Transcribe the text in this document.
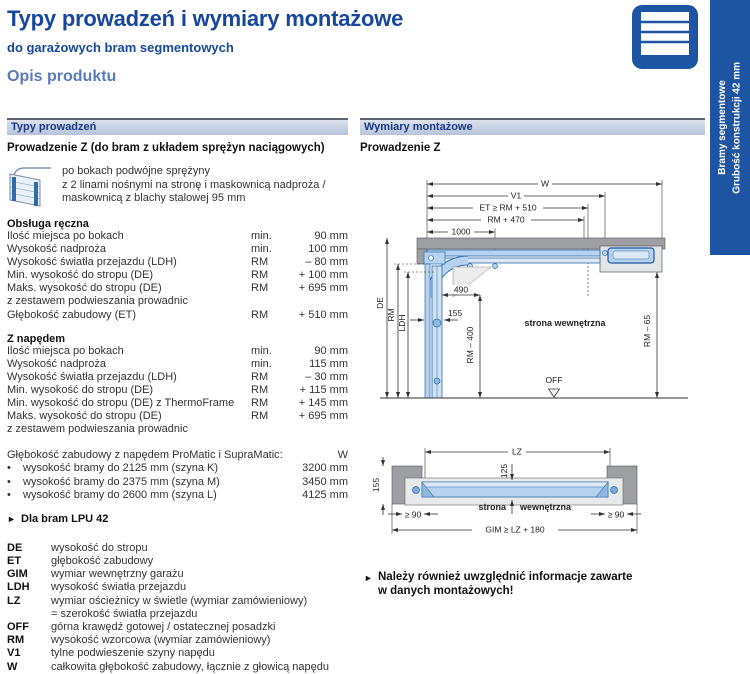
Typy prowadzeń i wymiary montażowe
do garażowych bram segmentowych
Opis produktu
Bramy segmentowe Grubość konstrukcji 42 mm
Typy prowadzeń
Prowadzenie Z (do bram z układem sprężyn naciągowych)
po bokach podwójne sprężyny
z 2 linami nośnymi na stronę i maskownicą nadproża /
maskownicą z blachy stalowej 95 mm
Obsługa ręczna
Ilość miejsca po bokach	min.	90 mm
Wysokość nadproża	min.	100 mm
Wysokość światła przejazdu (LDH)	RM	– 80 mm
Min. wysokość do stropu (DE)	RM	+ 100 mm
Maks. wysokość do stropu (DE)	RM	+ 695 mm
z zestawem podwieszania prowadnic
Głębokość zabudowy (ET)	RM	+ 510 mm
Z napędem
Ilość miejsca po bokach	min.	90 mm
Wysokość nadproża	min.	115 mm
Wysokość światła przejazdu (LDH)	RM	– 30 mm
Min. wysokość do stropu (DE)	RM	+ 115 mm
Min. wysokość do stropu (DE) z ThermoFrame	RM	+ 145 mm
Maks. wysokość do stropu (DE)	RM	+ 695 mm
z zestawem podwieszania prowadnic
Głębokość zabudowy z napędem ProMatic i SupraMatic:	W
•	wysokość bramy do 2125 mm (szyna K)	3200 mm
•	wysokość bramy do 2375 mm (szyna M)	3450 mm
•	wysokość bramy do 2600 mm (szyna L)	4125 mm
► Dla bram LPU 42
DE	wysokość do stropu
ET	głębokość zabudowy
GIM	wymiar wewnętrzny garażu
LDH	wysokość światła przejazdu
LZ	wymiar ościeżnicy w świetle (wymiar zamówieniowy)
= szerokość światła przejazdu
OFF	górna krawędź gotowej / ostatecznej posadzki
RM	wysokość wzorcowa (wymiar zamówieniowy)
V1	tylne podwieszenie szyny napędu
W	całkowita głębokość zabudowy, łącznie z głowicą napędu
Wymiary montażowe
Prowadzenie Z
W
V1
ET ≥ RM + 510
RM + 470
1000
DE
RM LDH
490
155
RM – 400	RM – 65
strona wewnętrzna
OFF
LZ
125
155
≥ 90	≥ 90
strona wewnętrzna
GIM ≥ LZ + 180
► Należy również uwzględnić informacje zawarte
w danych montażowych!
